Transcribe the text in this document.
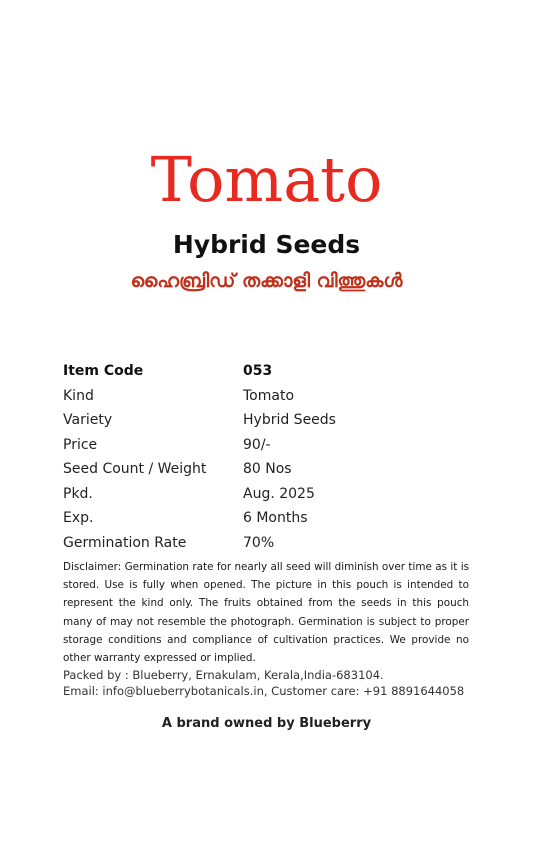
Tomato
Hybrid Seeds
ഹൈബ്രിഡ് തക്കാളി വിത്തുകൾ
Item Code	053
Kind	Tomato
Variety	Hybrid Seeds
Price	90/-
Seed Count / Weight	80 Nos
Pkd.	Aug. 2025
Exp.	6 Months
Germination Rate	70%
Disclaimer: Germination rate for nearly all seed will diminish over time as it is stored. Use is fully when opened. The picture in this pouch is intended to represent the kind only. The fruits obtained from the seeds in this pouch many of may not resemble the photograph. Germination is subject to proper storage conditions and compliance of cultivation practices. We provide no other warranty expressed or implied.
Packed by : Blueberry, Ernakulam, Kerala,India-683104.
Email: info@blueberrybotanicals.in, Customer care: +91 8891644058
A brand owned by Blueberry
